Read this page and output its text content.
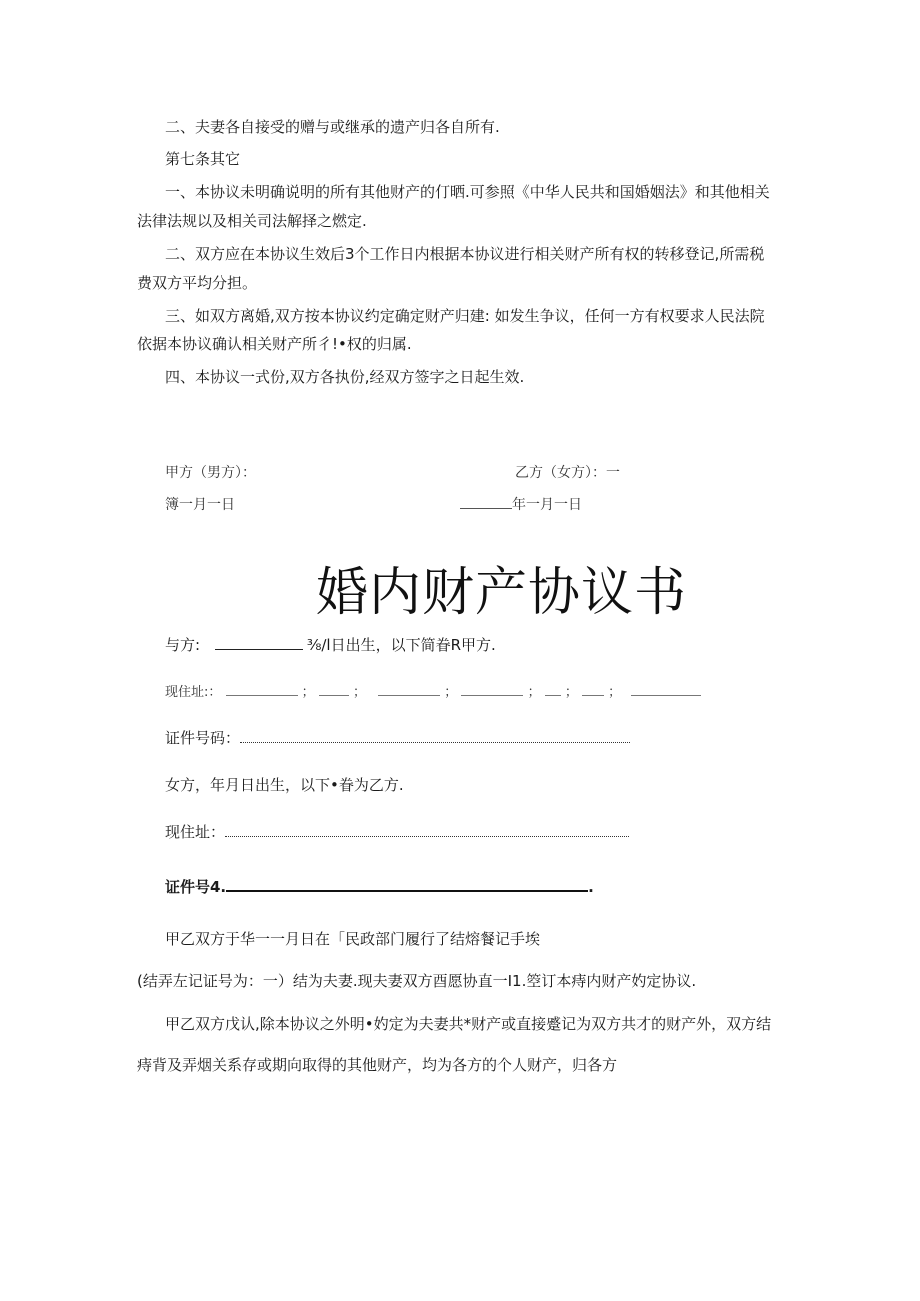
二、夫妻各自接受的赠与或继承的遗产归各自所有.
第七条其它
一、本协议未明确说明的所有其他财产的仃晒.可参照《中华人民共和国婚姻法》和其他相关
法律法规以及相关司法解择之燃定.
二、双方应在本协议生效后3个工作日内根据本协议进行相关财产所有权的转移登记,所需税
费双方平均分担。
三、如双方离婚,双方按本协议约定确定财产归建: 如发生争议，任何一方有权要求人民法院
依据本协议确认相关财产所彳!•权的归属.
四、本协议一式份,双方各执份,经双方签字之日起生效.
甲方（男方）：	乙方（女方）：一
簿一月一日	年一月一日
婚内财产协议书
与方:	⅜∕l日出生，以下简眷R甲方.
现住址:：	；	；	；	； ； ；
证件号码：
女方，年月日出生，以下•眷为乙方.
现住址：
证件号4.	.
甲乙双方于华一一月日在「民政部门履行了结熔餐记手埃
(结弄左记证号为：一）结为夫妻.现夫妻双方酉愿协直一I1.箜订本痔内财产妁定协议.
甲乙双方戊认,除本协议之外明•妁定为夫妻共*财产或直接蹙记为双方共才的财产外，双方结
痔背及弄烟关系存或期向取得的其他财产，均为各方的个人财产，归各方
